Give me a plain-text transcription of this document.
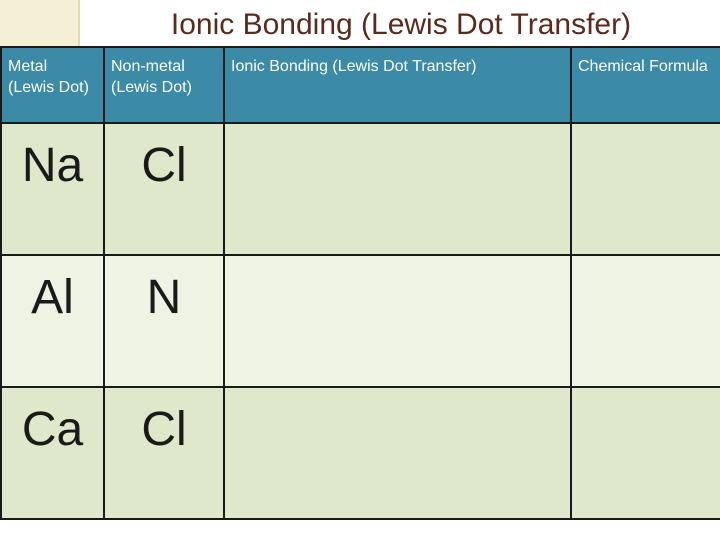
Ionic Bonding (Lewis Dot Transfer)
Metal (Lewis Dot)	Non-metal (Lewis Dot)	Ionic Bonding (Lewis Dot Transfer)	Chemical Formula

Na	Cl		

Al	N		

Ca	Cl		
